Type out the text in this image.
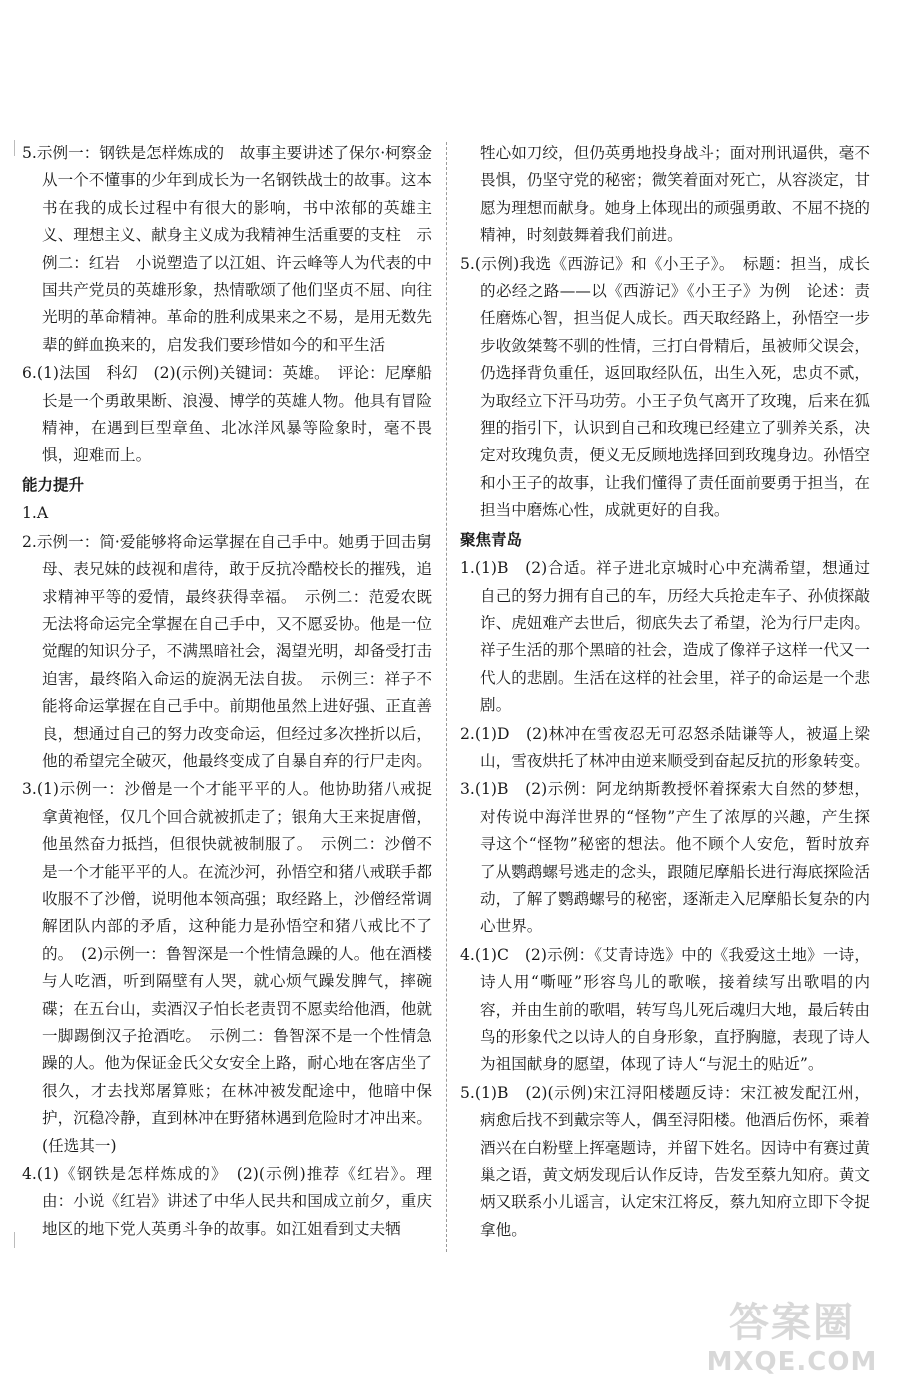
5.示例一：钢铁是怎样炼成的　故事主要讲述了保尔·柯察金从一个不懂事的少年到成长为一名钢铁战士的故事。这本书在我的成长过程中有很大的影响，书中浓郁的英雄主义、理想主义、献身主义成为我精神生活重要的支柱　示例二：红岩　小说塑造了以江姐、许云峰等人为代表的中国共产党员的英雄形象，热情歌颂了他们坚贞不屈、向往光明的革命精神。革命的胜利成果来之不易，是用无数先辈的鲜血换来的，启发我们要珍惜如今的和平生活

6.(1)法国　科幻　(2)(示例)关键词：英雄。　评论：尼摩船长是一个勇敢果断、浪漫、博学的英雄人物。他具有冒险精神，在遇到巨型章鱼、北冰洋风暴等险象时，毫不畏惧，迎难而上。

能力提升

1.A

2.示例一：简·爱能够将命运掌握在自己手中。她勇于回击舅母、表兄妹的歧视和虐待，敢于反抗冷酷校长的摧残，追求精神平等的爱情，最终获得幸福。　示例二：范爱农既无法将命运完全掌握在自己手中，又不愿妥协。他是一位觉醒的知识分子，不满黑暗社会，渴望光明，却备受打击迫害，最终陷入命运的旋涡无法自拔。　示例三：祥子不能将命运掌握在自己手中。前期他虽然上进好强、正直善良，想通过自己的努力改变命运，但经过多次挫折以后，他的希望完全破灭，他最终变成了自暴自弃的行尸走肉。

3.(1)示例一：沙僧是一个才能平平的人。他协助猪八戒捉拿黄袍怪，仅几个回合就被抓走了；银角大王来捉唐僧，他虽然奋力抵挡，但很快就被制服了。　示例二：沙僧不是一个才能平平的人。在流沙河，孙悟空和猪八戒联手都收服不了沙僧，说明他本领高强；取经路上，沙僧经常调解团队内部的矛盾，这种能力是孙悟空和猪八戒比不了的。　(2)示例一：鲁智深是一个性情急躁的人。他在酒楼与人吃酒，听到隔壁有人哭，就心烦气躁发脾气，摔碗碟；在五台山，卖酒汉子怕长老责罚不愿卖给他酒，他就一脚踢倒汉子抢酒吃。　示例二：鲁智深不是一个性情急躁的人。他为保证金氏父女安全上路，耐心地在客店坐了很久，才去找郑屠算账；在林冲被发配途中，他暗中保护，沉稳冷静，直到林冲在野猪林遇到危险时才冲出来。(任选其一)

4.(1)《钢铁是怎样炼成的》　(2)(示例)推荐《红岩》。理由：小说《红岩》讲述了中华人民共和国成立前夕，重庆地区的地下党人英勇斗争的故事。如江姐看到丈夫牺

牲心如刀绞，但仍英勇地投身战斗；面对刑讯逼供，毫不畏惧，仍坚守党的秘密；微笑着面对死亡，从容淡定，甘愿为理想而献身。她身上体现出的顽强勇敢、不屈不挠的精神，时刻鼓舞着我们前进。

5.(示例)我选《西游记》和《小王子》。　标题：担当，成长的必经之路——以《西游记》《小王子》为例　论述：责任磨炼心智，担当促人成长。西天取经路上，孙悟空一步步收敛桀骜不驯的性情，三打白骨精后，虽被师父误会，仍选择背负重任，返回取经队伍，出生入死，忠贞不贰，为取经立下汗马功劳。小王子负气离开了玫瑰，后来在狐狸的指引下，认识到自己和玫瑰已经建立了驯养关系，决定对玫瑰负责，便义无反顾地选择回到玫瑰身边。孙悟空和小王子的故事，让我们懂得了责任面前要勇于担当，在担当中磨炼心性，成就更好的自我。

聚焦青岛

1.(1)B　(2)合适。祥子进北京城时心中充满希望，想通过自己的努力拥有自己的车，历经大兵抢走车子、孙侦探敲诈、虎妞难产去世后，彻底失去了希望，沦为行尸走肉。祥子生活的那个黑暗的社会，造成了像祥子这样一代又一代人的悲剧。生活在这样的社会里，祥子的命运是一个悲剧。

2.(1)D　(2)林冲在雪夜忍无可忍怒杀陆谦等人，被逼上梁山，雪夜烘托了林冲由逆来顺受到奋起反抗的形象转变。

3.(1)B　(2)示例：阿龙纳斯教授怀着探索大自然的梦想，对传说中海洋世界的“怪物”产生了浓厚的兴趣，产生探寻这个“怪物”秘密的想法。他不顾个人安危，暂时放弃了从鹦鹉螺号逃走的念头，跟随尼摩船长进行海底探险活动，了解了鹦鹉螺号的秘密，逐渐走入尼摩船长复杂的内心世界。

4.(1)C　(2)示例：《艾青诗选》中的《我爱这土地》一诗，诗人用“嘶哑”形容鸟儿的歌喉，接着续写出歌唱的内容，并由生前的歌唱，转写鸟儿死后魂归大地，最后转由鸟的形象代之以诗人的自身形象，直抒胸臆，表现了诗人为祖国献身的愿望，体现了诗人“与泥土的贴近”。

5.(1)B　(2)(示例)宋江浔阳楼题反诗：宋江被发配江州，病愈后找不到戴宗等人，偶至浔阳楼。他酒后伤怀，乘着酒兴在白粉壁上挥毫题诗，并留下姓名。因诗中有赛过黄巢之语，黄文炳发现后认作反诗，告发至蔡九知府。黄文炳又联系小儿谣言，认定宋江将反，蔡九知府立即下令捉拿他。

答案圈
MXQE.COM
